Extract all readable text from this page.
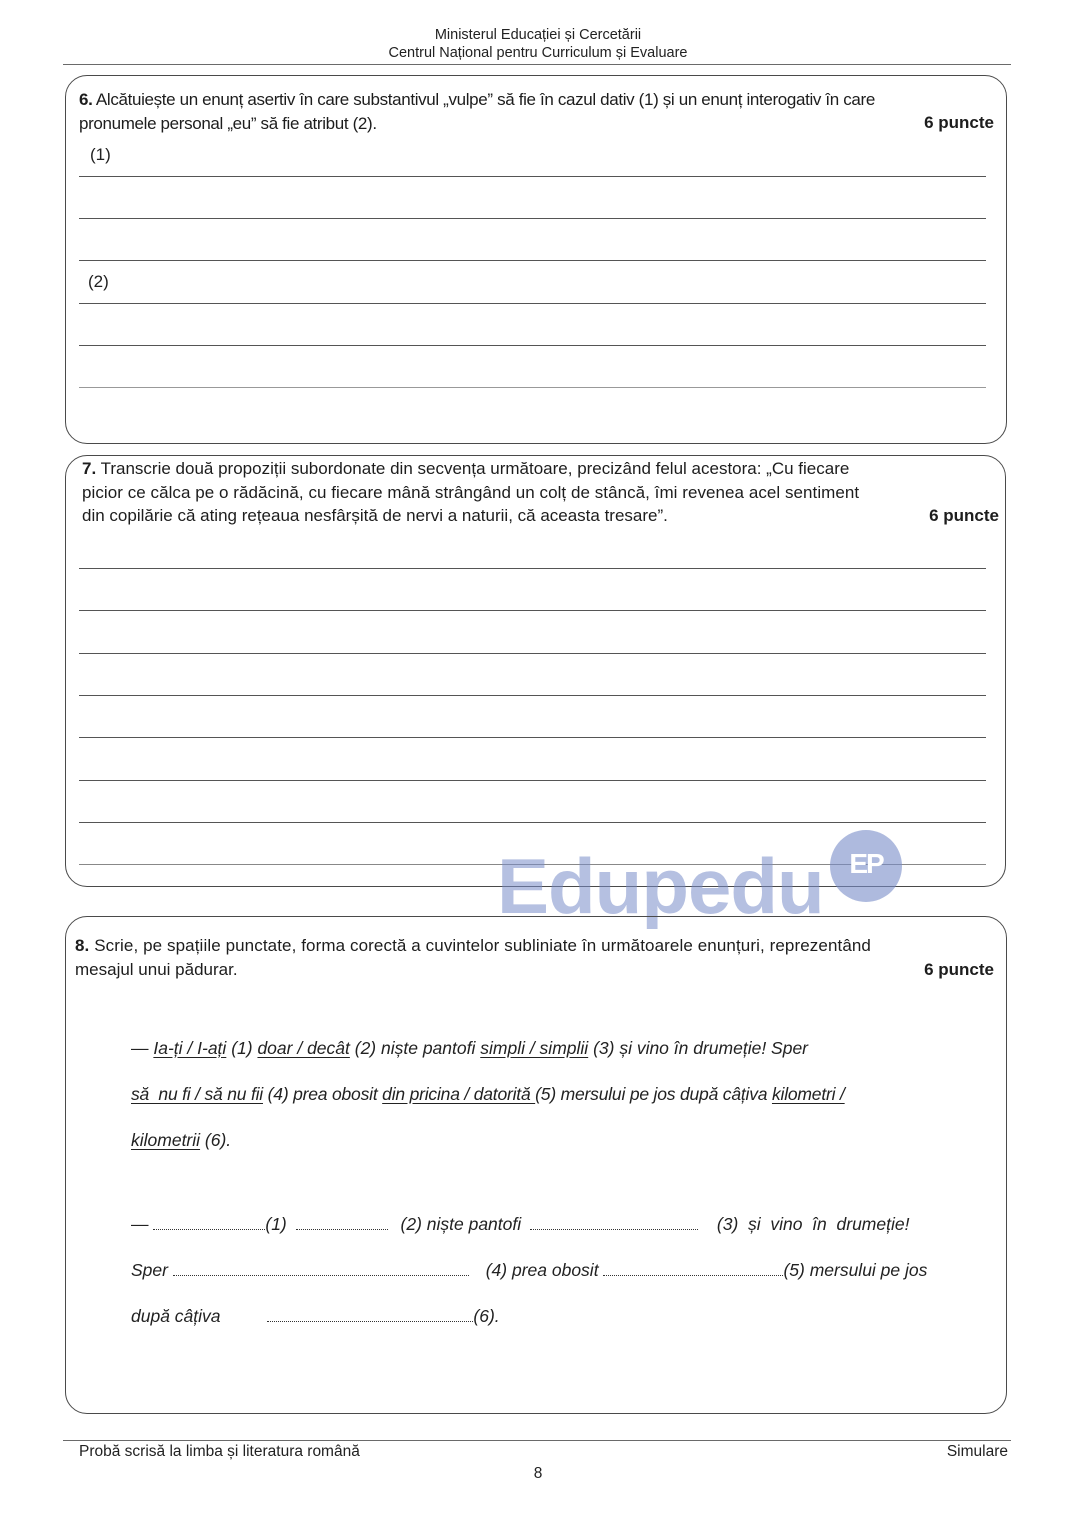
Ministerul Educației și Cercetării
Centrul Național pentru Curriculum și Evaluare
6. Alcătuiește un enunț asertiv în care substantivul „vulpe” să fie în cazul dativ (1) și un enunț interogativ în care
pronumele personal „eu” să fie atribut (2).	6 puncte
(1)
(2)
7. Transcrie două propoziții subordonate din secvența următoare, precizând felul acestora: „Cu fiecare
picior ce călca pe o rădăcină, cu fiecare mână strângând un colț de stâncă, îmi revenea acel sentiment
din copilărie că ating rețeaua nesfârșită de nervi a naturii, că aceasta tresare”.	6 puncte
Edupedu EP
8. Scrie, pe spațiile punctate, forma corectă a cuvintelor subliniate în următoarele enunțuri, reprezentând
mesajul unui pădurar.	6 puncte
— Ia-ți / I-ați (1) doar / decât (2) niște pantofi simpli / simplii (3) și vino în drumeție! Sper
să  nu fi / să nu fii (4) prea obosit din pricina / datorită (5) mersului pe jos după câțiva kilometri /
kilometrii (6).
—	(1)	(2) niște pantofi	(3)  și  vino  în  drumeție!
Sper	(4) prea obosit	(5) mersului pe jos
după câțiva	(6).
Probă scrisă la limba și literatura română	Simulare
8
